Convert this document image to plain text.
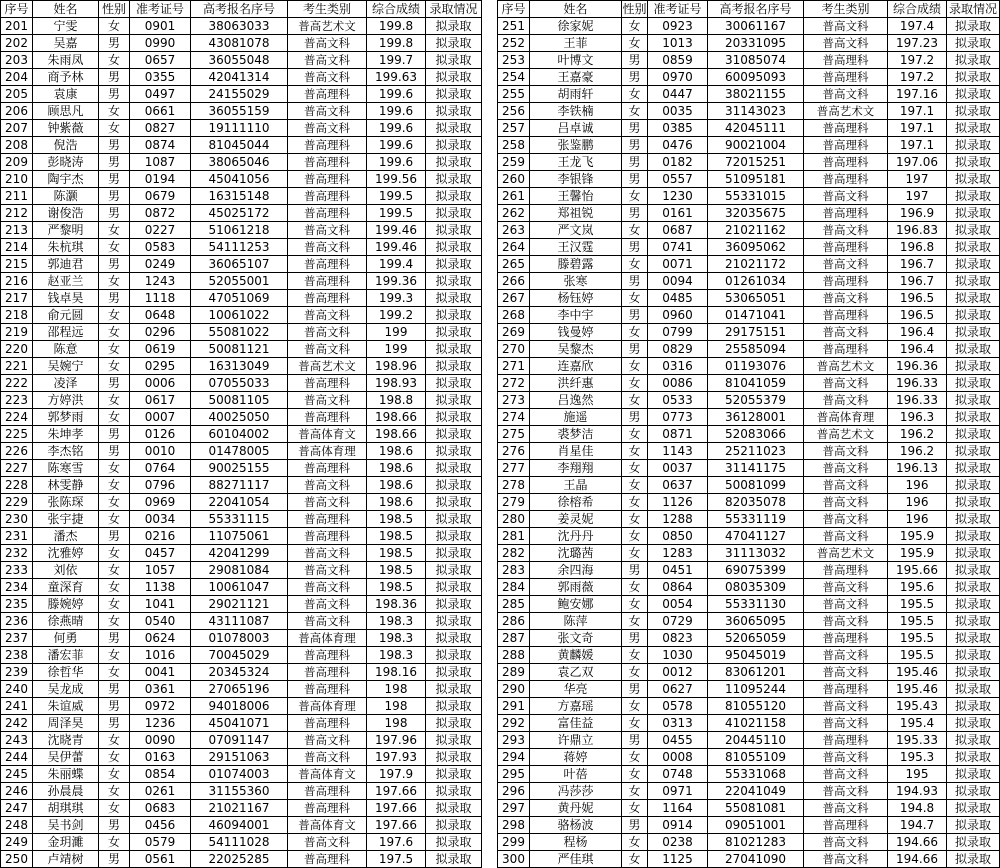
序号	姓名	性别	准考证号	高考报名序号	考生类别	综合成绩	录取情况
201	宁雯	女	0901	38063033	普高艺术文	199.8	拟录取
202	吴嘉	男	0990	43081078	普高文科	199.8	拟录取
203	朱雨凤	女	0657	36055048	普高文科	199.7	拟录取
204	商予林	男	0355	42041314	普高文科	199.63	拟录取
205	袁康	男	0497	24155029	普高理科	199.6	拟录取
206	顾思凡	女	0661	36055159	普高文科	199.6	拟录取
207	钟紫薇	女	0827	19111110	普高文科	199.6	拟录取
208	倪浩	男	0874	81045044	普高理科	199.6	拟录取
209	彭晓涛	男	1087	38065046	普高理科	199.6	拟录取
210	陶宇杰	男	0194	45041056	普高理科	199.56	拟录取
211	陈灏	男	0679	16315148	普高理科	199.5	拟录取
212	谢俊浩	男	0872	45025172	普高理科	199.5	拟录取
213	严黎明	女	0227	51061218	普高文科	199.46	拟录取
214	朱杭琪	女	0583	54111253	普高文科	199.46	拟录取
215	郭迪君	男	0249	36065107	普高理科	199.4	拟录取
216	赵亚兰	女	1243	52055001	普高理科	199.36	拟录取
217	钱卓昊	男	1118	47051069	普高理科	199.3	拟录取
218	俞元圆	女	0648	10061022	普高文科	199.2	拟录取
219	邵程远	女	0296	55081022	普高文科	199	拟录取
220	陈意	女	0619	50081121	普高文科	199	拟录取
221	吴婉宁	女	0295	16313049	普高艺术文	198.96	拟录取
222	凌泽	男	0006	07055033	普高理科	198.93	拟录取
223	方婷洪	女	0617	50081105	普高文科	198.8	拟录取
224	郭梦雨	女	0007	40025050	普高理科	198.66	拟录取
225	朱坤孝	男	0126	60104002	普高体育文	198.66	拟录取
226	李杰铭	男	0010	01478005	普高体育理	198.6	拟录取
227	陈寒雪	女	0764	90025155	普高理科	198.6	拟录取
228	林雯静	女	0796	88271117	普高文科	198.6	拟录取
229	张陈琛	女	0969	22041054	普高文科	198.6	拟录取
230	张宇捷	女	0034	55331115	普高理科	198.5	拟录取
231	潘杰	男	0216	11075061	普高理科	198.5	拟录取
232	沈雅婷	女	0457	42041299	普高文科	198.5	拟录取
233	刘依	女	1057	29081084	普高文科	198.5	拟录取
234	童深育	女	1138	10061047	普高文科	198.5	拟录取
235	滕婉婷	女	1041	29021121	普高文科	198.36	拟录取
236	徐燕晴	女	0540	43111087	普高文科	198.3	拟录取
237	何勇	男	0624	01078003	普高体育理	198.3	拟录取
238	潘宏菲	女	1016	70045029	普高理科	198.3	拟录取
239	徐哲华	女	0041	20345324	普高理科	198.16	拟录取
240	吴龙成	男	0361	27065196	普高理科	198	拟录取
241	朱谊威	男	0972	94018006	普高体育理	198	拟录取
242	周泽昊	男	1236	45041071	普高理科	198	拟录取
243	沈晓青	女	0090	07091147	普高文科	197.96	拟录取
244	吴伊蕾	女	0163	29151063	普高文科	197.93	拟录取
245	朱丽蝶	女	0854	01074003	普高体育文	197.9	拟录取
246	孙晨晨	女	0261	31155360	普高理科	197.66	拟录取
247	胡琪琪	女	0683	21021167	普高理科	197.66	拟录取
248	吴书剑	男	0456	46094001	普高体育文	197.66	拟录取
249	金玥濉	女	0579	54111028	普高文科	197.6	拟录取
250	卢靖树	男	0561	22025285	普高理科	197.5	拟录取
序号	姓名	性别	准考证号	高考报名序号	考生类别	综合成绩	录取情况
251	徐家妮	女	0923	30061167	普高文科	197.4	拟录取
252	王菲	女	1013	20331095	普高文科	197.23	拟录取
253	叶博文	男	0859	31085074	普高理科	197.2	拟录取
254	王嘉豪	男	0970	60095093	普高理科	197.2	拟录取
255	胡雨轩	女	0447	38021155	普高文科	197.16	拟录取
256	李铁楠	女	0035	31143023	普高艺术文	197.1	拟录取
257	吕卓诚	男	0385	42045111	普高理科	197.1	拟录取
258	张鉴鹏	男	0476	90021004	普高理科	197.1	拟录取
259	王龙飞	男	0182	72015251	普高理科	197.06	拟录取
260	李银锋	男	0557	51095181	普高理科	197	拟录取
261	王馨怡	女	1230	55331015	普高文科	197	拟录取
262	郑祖锐	男	0161	32035675	普高理科	196.9	拟录取
263	严文岚	女	0687	21021162	普高文科	196.83	拟录取
264	王汉霆	男	0741	36095062	普高理科	196.8	拟录取
265	滕碧露	女	0071	21021172	普高文科	196.7	拟录取
266	张寒	男	0094	01261034	普高理科	196.7	拟录取
267	杨钰婷	女	0485	53065051	普高文科	196.5	拟录取
268	李中宇	男	0960	01471041	普高理科	196.5	拟录取
269	钱曼婷	女	0799	29175151	普高文科	196.4	拟录取
270	吴黎杰	男	0829	25585094	普高理科	196.4	拟录取
271	连嘉欣	女	0316	01193076	普高艺术文	196.36	拟录取
272	洪纤惠	女	0086	81041059	普高文科	196.33	拟录取
273	吕逸然	女	0533	52055379	普高文科	196.33	拟录取
274	施遥	男	0773	36128001	普高体育理	196.3	拟录取
275	裘梦洁	女	0871	52083066	普高艺术文	196.2	拟录取
276	肖星佳	女	1143	25211023	普高文科	196.2	拟录取
277	李翔翔	女	0037	31141175	普高文科	196.13	拟录取
278	王晶	女	0637	50081099	普高文科	196	拟录取
279	徐榕希	女	1126	82035078	普高文科	196	拟录取
280	姜灵妮	女	1288	55331119	普高文科	196	拟录取
281	沈丹丹	女	0850	47041127	普高文科	195.9	拟录取
282	沈璐茜	女	1283	31113032	普高艺术文	195.9	拟录取
283	余四海	男	0451	69075399	普高理科	195.66	拟录取
284	郭雨薇	女	0864	08035309	普高文科	195.6	拟录取
285	鲍安娜	女	0054	55331130	普高文科	195.5	拟录取
286	陈萍	女	0729	36065095	普高文科	195.5	拟录取
287	张文奇	男	0823	52065059	普高理科	195.5	拟录取
288	黄麟媛	女	1030	95045019	普高文科	195.5	拟录取
289	袁乙双	女	0012	83061201	普高文科	195.46	拟录取
290	华亮	男	0627	11095244	普高理科	195.46	拟录取
291	方嘉瑶	女	0578	81055120	普高文科	195.43	拟录取
292	富佳益	女	0313	41021158	普高文科	195.4	拟录取
293	许鼎立	男	0455	20445110	普高理科	195.33	拟录取
294	蒋婷	女	0008	81055109	普高文科	195.3	拟录取
295	叶蓓	女	0748	55331068	普高文科	195	拟录取
296	冯莎莎	女	0971	22041049	普高文科	194.93	拟录取
297	黄丹妮	女	1164	55081081	普高文科	194.8	拟录取
298	骆杨波	男	0914	09051001	普高理科	194.7	拟录取
299	程杨	女	0238	81021283	普高文科	194.66	拟录取
300	严佳琪	女	1125	27041090	普高文科	194.66	拟录取
